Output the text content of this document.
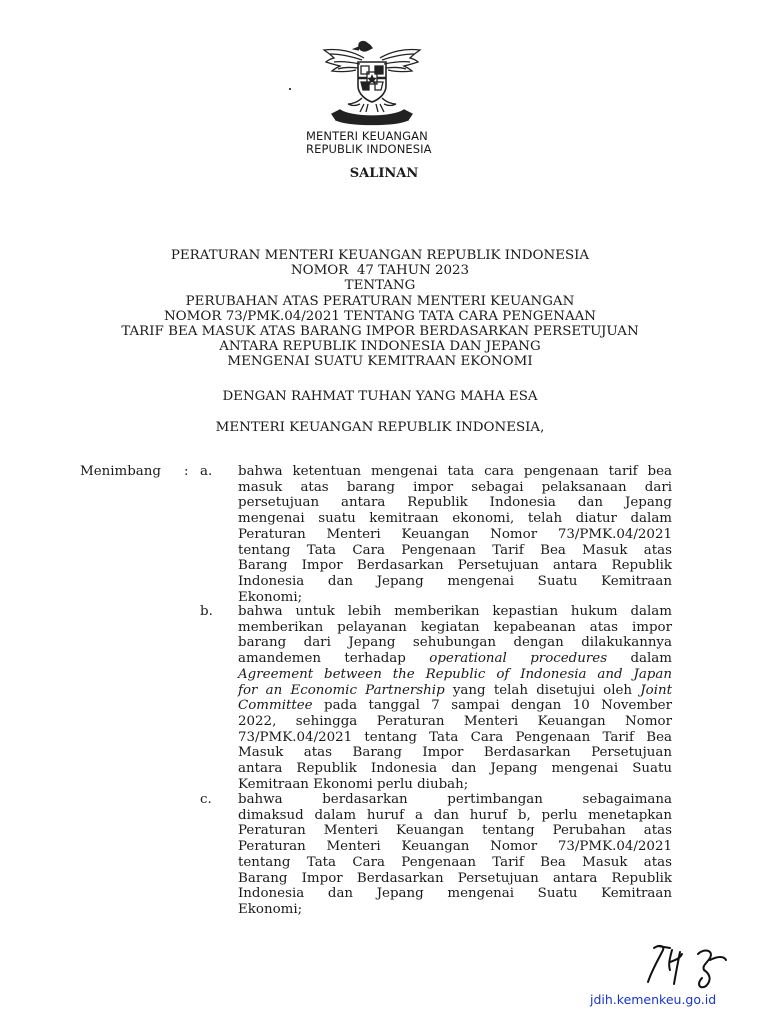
MENTERI KEUANGAN
REPUBLIK INDONESIA
SALINAN
PERATURAN MENTERI KEUANGAN REPUBLIK INDONESIA
NOMOR  47 TAHUN 2023
TENTANG
PERUBAHAN ATAS PERATURAN MENTERI KEUANGAN
NOMOR 73/PMK.04/2021 TENTANG TATA CARA PENGENAAN
TARIF BEA MASUK ATAS BARANG IMPOR BERDASARKAN PERSETUJUAN
ANTARA REPUBLIK INDONESIA DAN JEPANG
MENGENAI SUATU KEMITRAAN EKONOMI
DENGAN RAHMAT TUHAN YANG MAHA ESA
MENTERI KEUANGAN REPUBLIK INDONESIA,
Menimbang : a. bahwa ketentuan mengenai tata cara pengenaan tarif bea
masuk atas barang impor sebagai pelaksanaan dari
persetujuan antara Republik Indonesia dan Jepang
mengenai suatu kemitraan ekonomi, telah diatur dalam
Peraturan Menteri Keuangan Nomor 73/PMK.04/2021
tentang Tata Cara Pengenaan Tarif Bea Masuk atas
Barang Impor Berdasarkan Persetujuan antara Republik
Indonesia dan Jepang mengenai Suatu Kemitraan
Ekonomi;
b. bahwa untuk lebih memberikan kepastian hukum dalam
memberikan pelayanan kegiatan kepabeanan atas impor
barang dari Jepang sehubungan dengan dilakukannya
amandemen terhadap operational procedures dalam
Agreement between the Republic of Indonesia and Japan
for an Economic Partnership yang telah disetujui oleh Joint
Committee pada tanggal 7 sampai dengan 10 November
2022, sehingga Peraturan Menteri Keuangan Nomor
73/PMK.04/2021 tentang Tata Cara Pengenaan Tarif Bea
Masuk atas Barang Impor Berdasarkan Persetujuan
antara Republik Indonesia dan Jepang mengenai Suatu
Kemitraan Ekonomi perlu diubah;
c. bahwa berdasarkan pertimbangan sebagaimana
dimaksud dalam huruf a dan huruf b, perlu menetapkan
Peraturan Menteri Keuangan tentang Perubahan atas
Peraturan Menteri Keuangan Nomor 73/PMK.04/2021
tentang Tata Cara Pengenaan Tarif Bea Masuk atas
Barang Impor Berdasarkan Persetujuan antara Republik
Indonesia dan Jepang mengenai Suatu Kemitraan
Ekonomi;
jdih.kemenkeu.go.id
